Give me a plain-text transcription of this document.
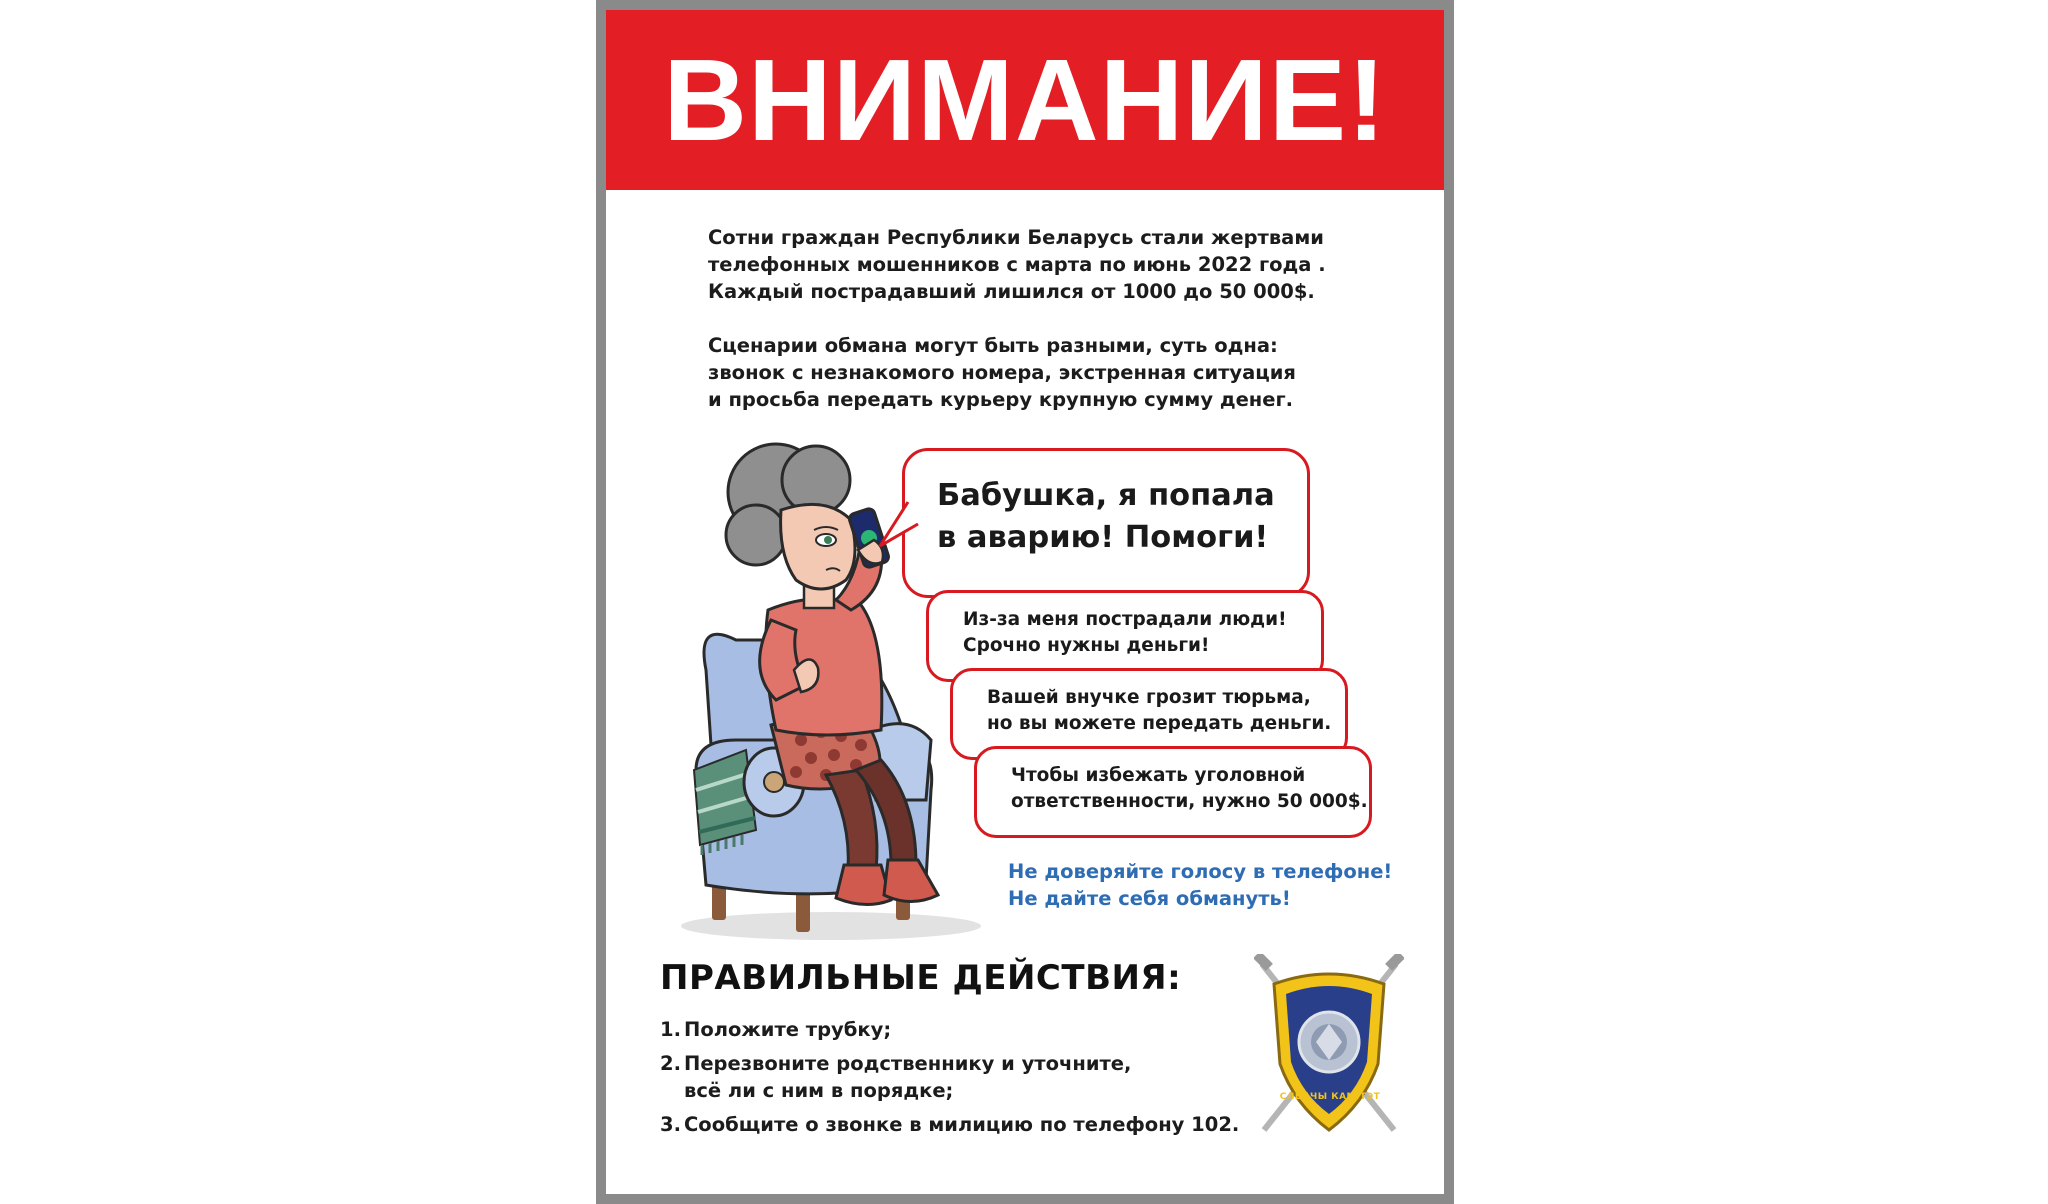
ВНИМАНИЕ!

Сотни граждан Республики Беларусь стали жертвами
телефонных мошенников с марта по июнь 2022 года .
Каждый пострадавший лишился от 1000 до 50 000$.

Сценарии обмана могут быть разными, суть одна:
звонок с незнакомого номера, экстренная ситуация
и просьба передать курьеру крупную сумму денег.

Бабушка, я попала
в аварию! Помоги!
Из-за меня пострадали люди!
Срочно нужны деньги!
Вашей внучке грозит тюрьма,
но вы можете передать деньги.
Чтобы избежать уголовной
ответственности, нужно 50 000$.
Не доверяйте голосу в телефоне!
Не дайте себя обмануть!
ПРАВИЛЬНЫЕ ДЕЙСТВИЯ:
1. Положите трубку;
2. Перезвоните родственнику и уточните,
всё ли с ним в порядке;
3. Сообщите о звонке в милицию по телефону 102.
СЛЕДЧЫ КАМІТЭТ
